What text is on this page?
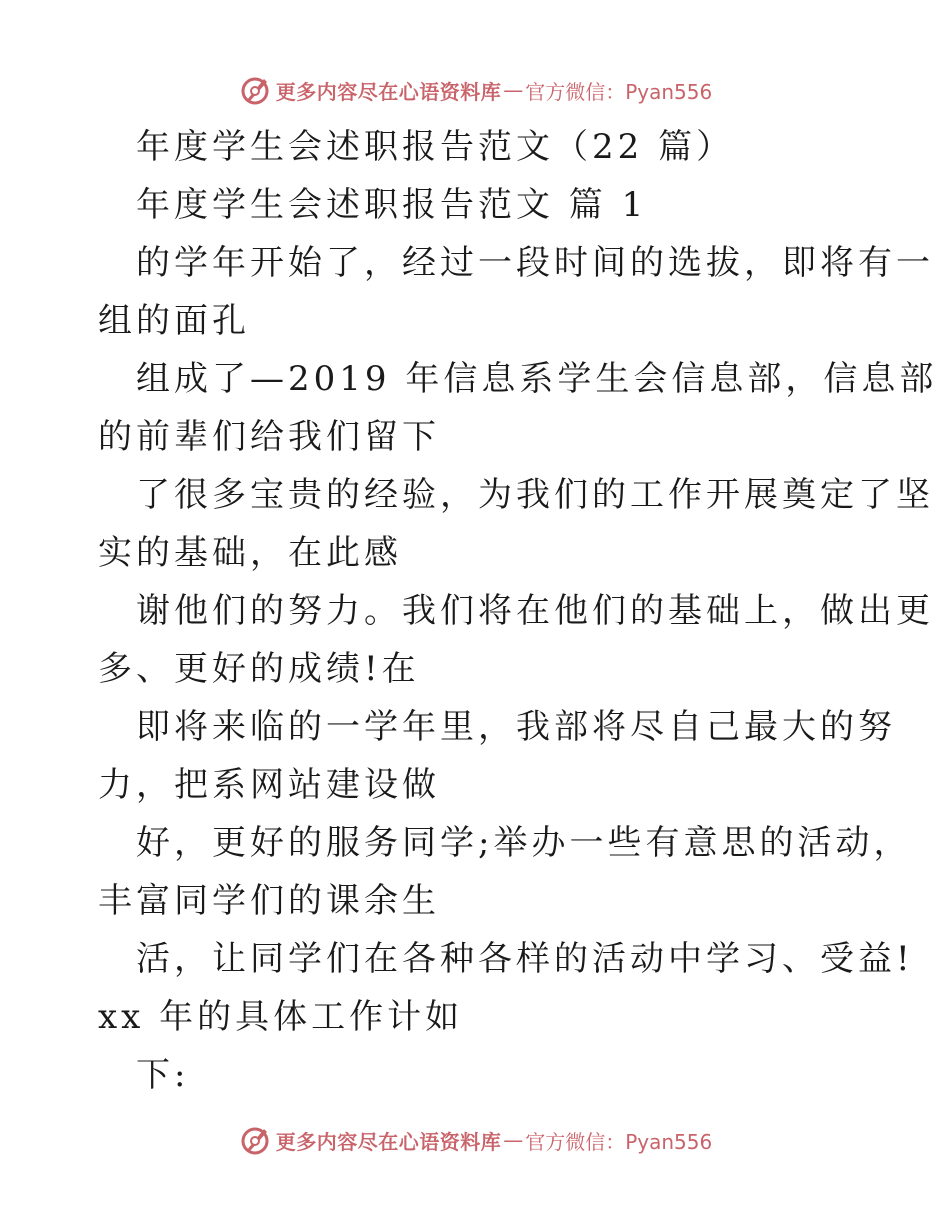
更多内容尽在心语资料库 — 官方微信：Pyan556
年度学生会述职报告范文（22 篇）
年度学生会述职报告范文 篇 1
的学年开始了，经过一段时间的选拔，即将有一
组的面孔
组成了—2019 年信息系学生会信息部，信息部
的前辈们给我们留下
了很多宝贵的经验，为我们的工作开展奠定了坚
实的基础，在此感
谢他们的努力。我们将在他们的基础上，做出更
多、更好的成绩!在
即将来临的一学年里，我部将尽自己最大的努
力，把系网站建设做
好，更好的服务同学;举办一些有意思的活动，
丰富同学们的课余生
活，让同学们在各种各样的活动中学习、受益!
xx 年的具体工作计如
下:
更多内容尽在心语资料库 — 官方微信：Pyan556
